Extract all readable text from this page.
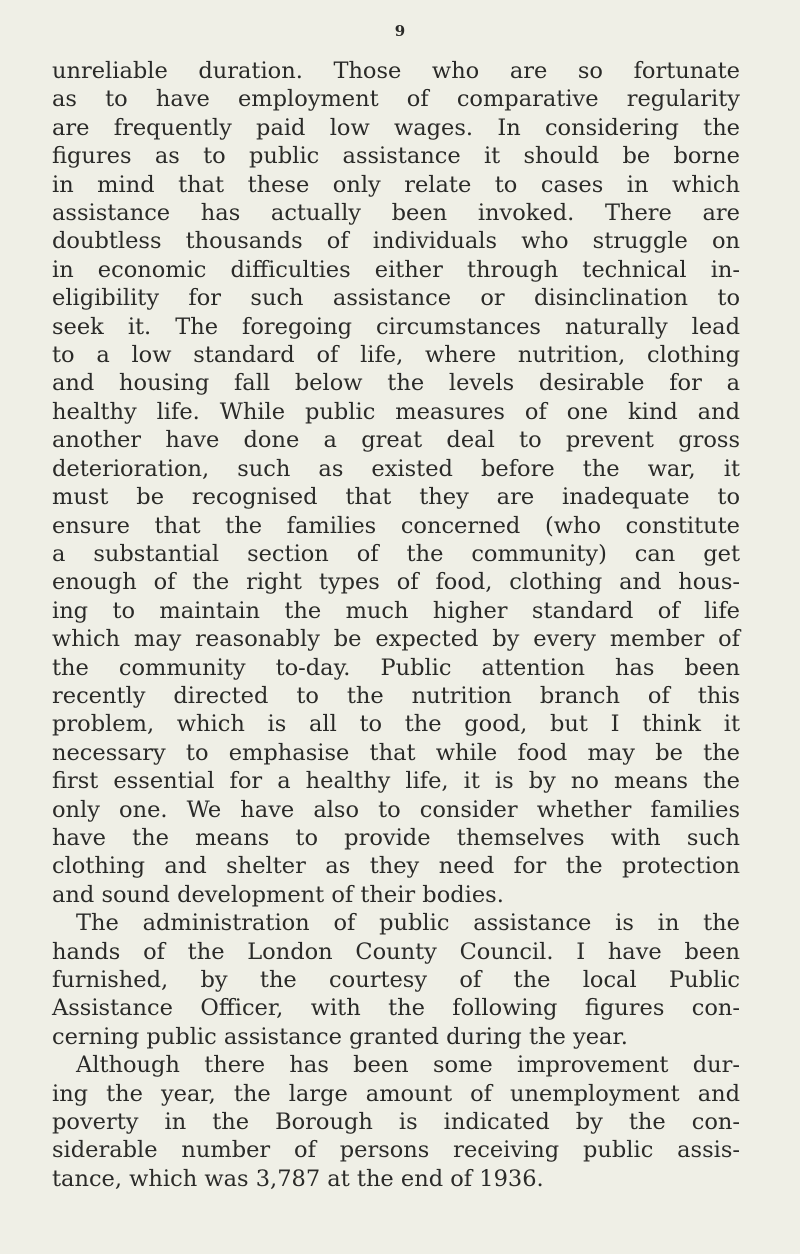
9
unreliable duration. Those who are so fortunate
as to have employment of comparative regularity
are frequently paid low wages. In considering the
figures as to public assistance it should be borne
in mind that these only relate to cases in which
assistance has actually been invoked. There are
doubtless thousands of individuals who struggle on
in economic difficulties either through technical in-
eligibility for such assistance or disinclination to
seek it. The foregoing circumstances naturally lead
to a low standard of life, where nutrition, clothing
and housing fall below the levels desirable for a
healthy life. While public measures of one kind and
another have done a great deal to prevent gross
deterioration, such as existed before the war, it
must be recognised that they are inadequate to
ensure that the families concerned (who constitute
a substantial section of the community) can get
enough of the right types of food, clothing and hous-
ing to maintain the much higher standard of life
which may reasonably be expected by every member of
the community to-day. Public attention has been
recently directed to the nutrition branch of this
problem, which is all to the good, but I think it
necessary to emphasise that while food may be the
first essential for a healthy life, it is by no means the
only one. We have also to consider whether families
have the means to provide themselves with such
clothing and shelter as they need for the protection
and sound development of their bodies.
The administration of public assistance is in the
hands of the London County Council. I have been
furnished, by the courtesy of the local Public
Assistance Officer, with the following figures con-
cerning public assistance granted during the year.
Although there has been some improvement dur-
ing the year, the large amount of unemployment and
poverty in the Borough is indicated by the con-
siderable number of persons receiving public assis-
tance, which was 3,787 at the end of 1936.
